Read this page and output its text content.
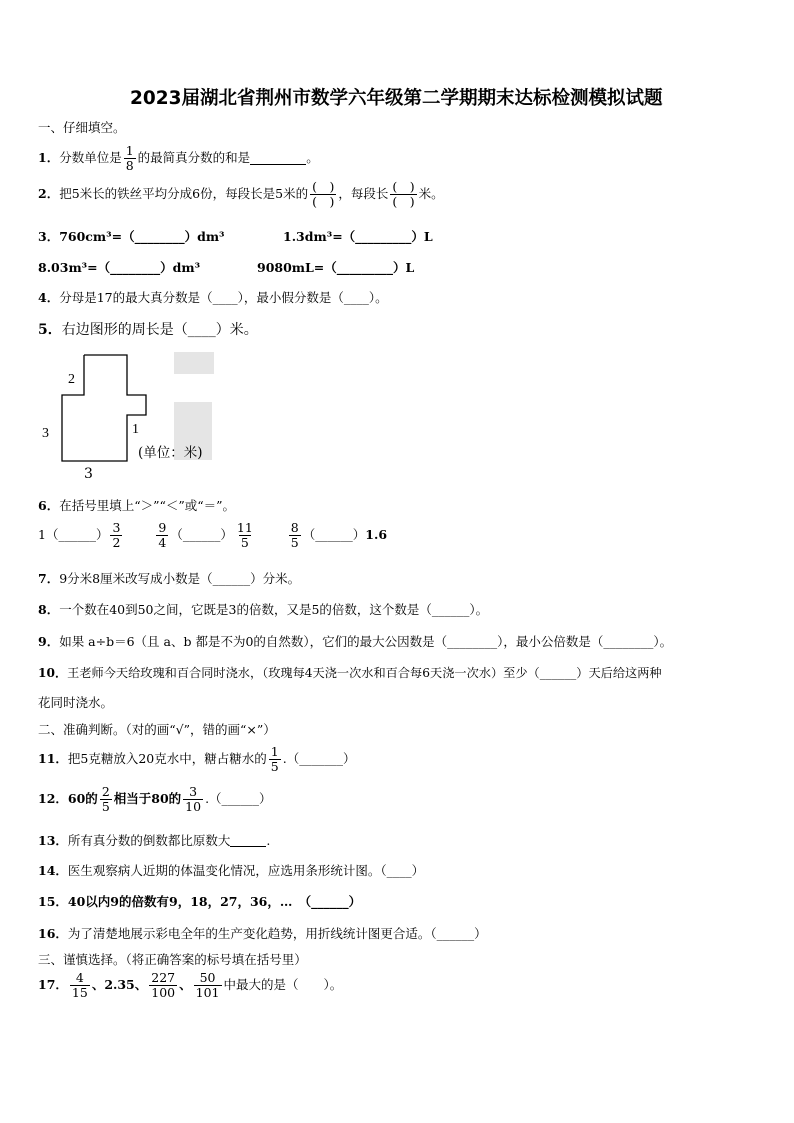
2023届湖北省荆州市数学六年级第二学期期末达标检测模拟试题
一、仔细填空。
1． 分数单位是 $\frac{1}{8}$ 的最简真分数的和是	。
2． 把5米长的铁丝平均分成6份，每段长是5米的 $\frac{( )}{( )}$ ，每段长 $\frac{( )}{( )}$ 米。
3．760cm³=（________）dm³	1.3dm³=（_________）L
8.03m³=（________）dm³	9080mL=（_________）L
4．分母是17的最大真分数是（____），最小假分数是（____）。
5．右边图形的周长是（____）米。
2
3	1
(单位：米)
3
6．在括号里填上“＞”“＜”或“＝”。
1 （______） $\frac{3}{2}$	$\frac{9}{4}$ （______） $\frac{11}{5}$	$\frac{8}{5}$ （______） 1.6
7．9分米8厘米改写成小数是（______）分米。
8．一个数在40到50之间，它既是3的倍数，又是5的倍数，这个数是（______）。
9．如果 a÷b＝6（且 a、b 都是不为0的自然数），它们的最大公因数是（________），最小公倍数是（________）。
10．王老师今天给玫瑰和百合同时浇水，（玫瑰每4天浇一次水和百合每6天浇一次水）至少（______）天后给这两种
花同时浇水。
二、准确判断。（对的画“√”，错的画“×”）
11． 把5克糖放入20克水中，糖占糖水的 $\frac{1}{5}$ .（_______）
12． 60的 $\frac{2}{5}$ 相当于80的 $\frac{3}{10}$ .（______）
13． 所有真分数的倒数都比原数大	.
14．医生观察病人近期的体温变化情况，应选用条形统计图。（____）
15．40以内9的倍数有9，18，27，36，…　（______）
16．为了清楚地展示彩电全年的生产变化趋势，用折线统计图更合适。（______）
三、谨慎选择。（将正确答案的标号填在括号里）
17． $\frac{4}{15}$ 、2.35、 $\frac{227}{100}$ 、 $\frac{50}{101}$ 中最大的是（　　）。
